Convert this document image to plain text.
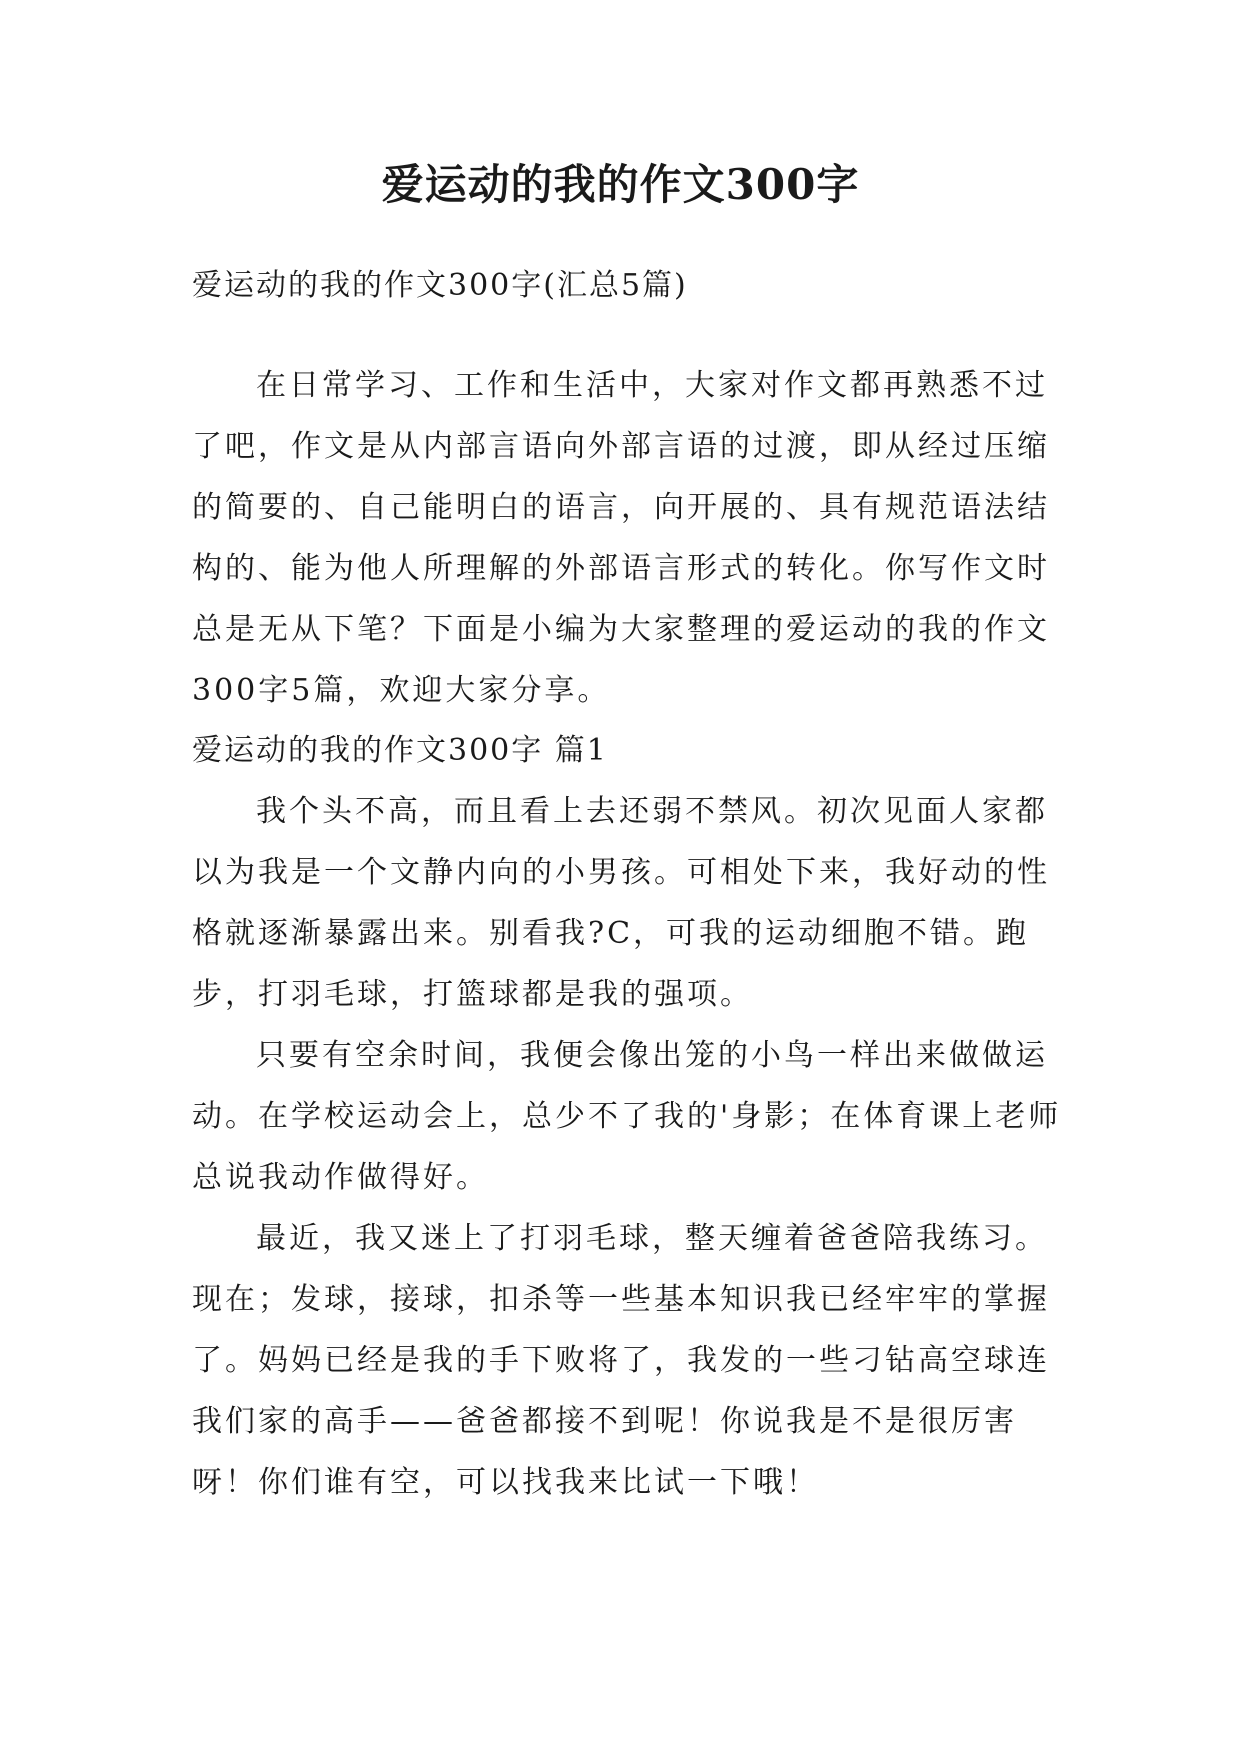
爱运动的我的作文300字

爱运动的我的作文300字(汇总5篇)

在日常学习、工作和生活中，大家对作文都再熟悉不过了吧，作文是从内部言语向外部言语的过渡，即从经过压缩的简要的、自己能明白的语言，向开展的、具有规范语法结构的、能为他人所理解的外部语言形式的转化。你写作文时总是无从下笔？下面是小编为大家整理的爱运动的我的作文300字5篇，欢迎大家分享。

爱运动的我的作文300字 篇1

我个头不高，而且看上去还弱不禁风。初次见面人家都以为我是一个文静内向的小男孩。可相处下来，我好动的性格就逐渐暴露出来。别看我?C，可我的运动细胞不错。跑步，打羽毛球，打篮球都是我的强项。

只要有空余时间，我便会像出笼的小鸟一样出来做做运动。在学校运动会上，总少不了我的'身影；在体育课上老师总说我动作做得好。

最近，我又迷上了打羽毛球，整天缠着爸爸陪我练习。现在；发球，接球，扣杀等一些基本知识我已经牢牢的掌握了。妈妈已经是我的手下败将了，我发的一些刁钻高空球连我们家的高手——爸爸都接不到呢！你说我是不是很厉害呀！你们谁有空，可以找我来比试一下哦！
